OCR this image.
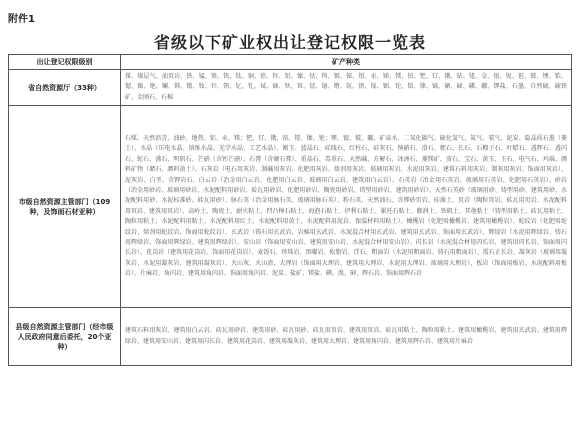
附件1
省级以下矿业权出让登记权限一览表
出让登记权限级别	矿产种类
省自然资源厅（33种）	煤、煤层气、油页岩、铁、锰、铬、钒、钛、铜、铅、锌、铝、镍、钴、钨、锡、铋、钼、汞、锑、镁、铂、钯、钌、锇、铱、铑、金、银、铌、钽、铍、锂、锆、锶、铷、铯、镧、铈、镨、钕、钐、铕、钇、钆、铽、镝、钬、铒、铥、镱、镥、钪、锗、镓、铟、铊、铪、铼、镉、硒、碲、磷、硼、钾盐、石墨、自然硫、硫铁矿、金刚石、石棉
市级自然资源主管部门（109种，及饰面石材亚种）	石煤、天然沥青、油砂、地热、铝、汞、镁；钯、钌、锇、铱、铑、铷、铯；锂、锶、铍、硼、矿泉水、二氧化碳气、硫化氢气、氦气、氡气、泥炭、隐晶质石墨（菱土）、水晶（压电水晶、熔炼水晶、光学水晶、工艺水晶）、刚玉、蓝晶石、硅线石、红柱石、硅灰石、钠硝石、滑石、蛭石、长石、石榴子石、叶蜡石、透辉石、透闪石、蛇石、沸石、明矾石、芒硝（含钙芒硝）、石膏（含硬石膏）、重晶石、毒重石、天然碱、方解石、冰洲石、菱镁矿、萤石、宝石、黄玉、玉石、电气石、玛瑙、颜料矿物（赭石、颜料黄土）、石灰岩（电石用灰岩、制碱用灰岩、化肥用灰岩、熔剂用灰岩、玻璃用灰岩、水泥用灰岩、建筑石料用灰岩、制灰用灰岩、饰面用灰岩）、泥灰岩、白垩、含钾岩石、白云岩（冶金用白云岩、化肥用白云岩、玻璃用白云岩、建筑用白云岩）、石英岩（冶金用石英岩、玻璃用石英岩、化肥用石英岩）、砂岩（冶金用砂岩、玻璃用砂岩、水泥配料用砂岩、砖瓦用砂岩、化肥用砂岩、陶瓷用砂岩、铸型用砂岩、建筑用砂岩）、天然石英砂（玻璃用砂、铸型用砂、建筑用砂、水泥配料用砂、水泥标准砂、砖瓦用砂）、脉石英（冶金用脉石英、玻璃用脉石英）、粉石英、天然油石、含钾砂页岩、硅藻土、页岩（陶粒页岩、砖瓦用页岩、水泥配料用页岩、建筑用页岩）、高岭土、陶瓷土、耐火粘土、凹凸棒石粘土、海泡石粘土、伊利石粘土、累托石粘土、膨润土、铁矾土、其他粘土（铸型用粘土、砖瓦用粘土、陶粒用粘土、水泥配料用粘土、水泥配料用红土、水泥配料用黄土、水泥配料用泥岩、保温材料用粘土）、橄榄岩（化肥用橄榄岩、建筑用橄榄岩）、蛇纹岩（化肥用蛇纹岩、熔剂用蛇纹岩、饰面用蛇纹岩）、玄武岩（铸石用玄武岩、岩棉用玄武岩、水泥混合材用玄武岩、建筑用玄武岩、饰面用玄武岩）、辉绿岩（水泥用辉绿岩、铸石用辉绿岩、饰面用辉绿岩、建筑用辉绿岩）、安山岩（饰面用安山岩、建筑用安山岩、水泥混合材用安山岩）、闪长岩（水泥混合材用闪长岩、建筑用闪长岩、饰面用闪长岩）、花岗岩（建筑用花岗岩、饰面用花岗岩）、麦饭石、珍珠岩、黑曜岩、松脂岩、浮石、粗面岩（水泥用粗面岩、铸石用粗面岩）、霞石正长岩、凝灰岩（玻璃用凝灰岩、水泥用凝灰岩、建筑用凝灰岩）、火山灰、火山渣、大理岩（饰面用大理岩、建筑用大理岩、水泥用大理岩、玻璃用大理岩）、板岩（饰面用板岩、水泥配料用板岩）、片麻岩、角闪岩、建筑用角闪岩、饰面用角闪岩、泥炭、盐矿、镁盐、碘、溴、砷、辉石岩、饰面用辉石岩
县级自然资源主管部门（经市级人民政府同意后委托，20个亚种）	建筑石料用灰岩、建筑用白云岩、砖瓦用砂岩、建筑用砂、砖瓦用砂、砖瓦用页岩、建筑用页岩、砖瓦用粘土、陶粒用粘土、建筑用橄榄岩、建筑用玄武岩、建筑用辉绿岩、建筑用安山岩、建筑用闪长岩、建筑用花岗岩、建筑用凝灰岩、建筑用大理岩、建筑用角闪岩、建筑用辉石岩、建筑用片麻岩
